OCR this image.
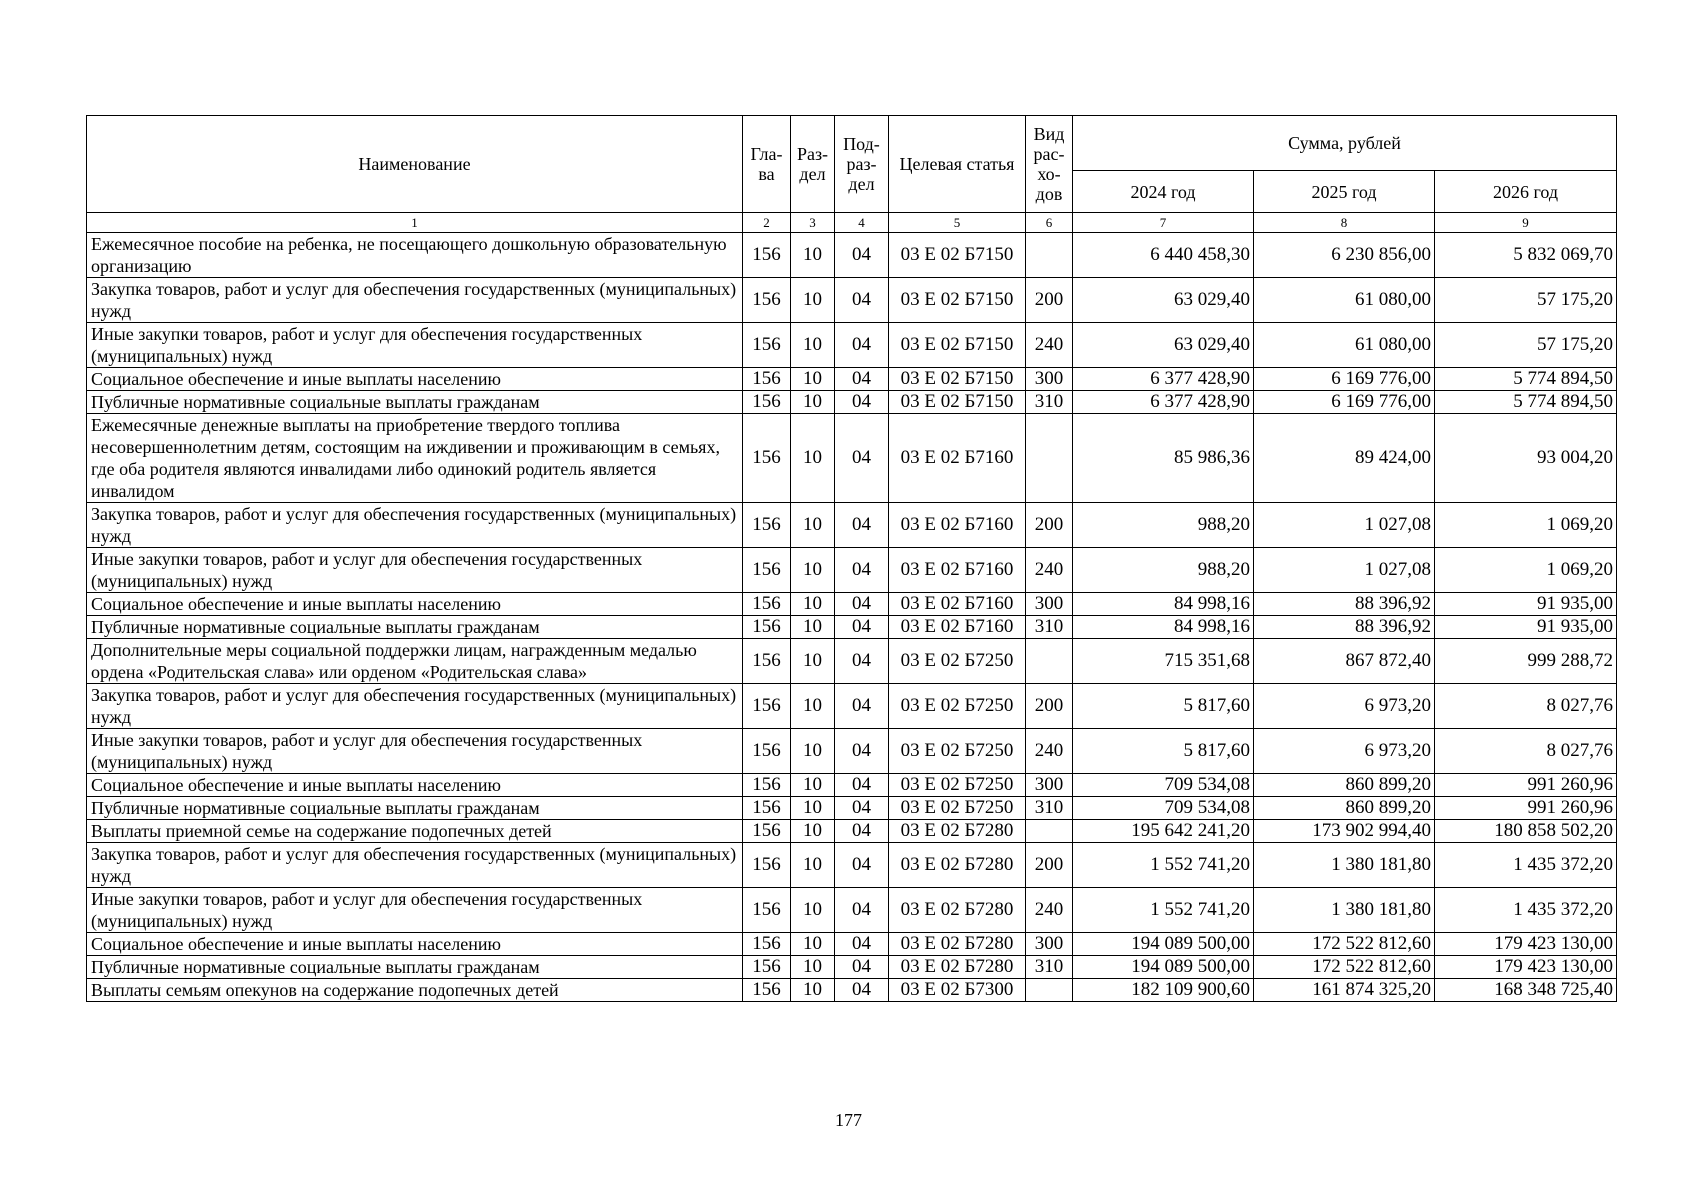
Наименование	Гла-ва	Раз-дел	Под-раз-дел	Целевая статья	Вид рас-хо-дов	Сумма, рублей		
						2024 год	2025 год	2026 год
1	2	3	4	5	6	7	8	9
Ежемесячное пособие на ребенка, не посещающего дошкольную образовательную организацию	156	10	04	03 Е 02 Б7150		6 440 458,30	6 230 856,00	5 832 069,70
Закупка товаров, работ и услуг для обеспечения государственных (муниципальных) нужд	156	10	04	03 Е 02 Б7150	200	63 029,40	61 080,00	57 175,20
Иные закупки товаров, работ и услуг для обеспечения государственных (муниципальных) нужд	156	10	04	03 Е 02 Б7150	240	63 029,40	61 080,00	57 175,20
Социальное обеспечение и иные выплаты населению	156	10	04	03 Е 02 Б7150	300	6 377 428,90	6 169 776,00	5 774 894,50
Публичные нормативные социальные выплаты гражданам	156	10	04	03 Е 02 Б7150	310	6 377 428,90	6 169 776,00	5 774 894,50
Ежемесячные денежные выплаты на приобретение твердого топлива несовершеннолетним детям, состоящим на иждивении и проживающим в семьях, где оба родителя являются инвалидами либо одинокий родитель является инвалидом	156	10	04	03 Е 02 Б7160		85 986,36	89 424,00	93 004,20
Закупка товаров, работ и услуг для обеспечения государственных (муниципальных) нужд	156	10	04	03 Е 02 Б7160	200	988,20	1 027,08	1 069,20
Иные закупки товаров, работ и услуг для обеспечения государственных (муниципальных) нужд	156	10	04	03 Е 02 Б7160	240	988,20	1 027,08	1 069,20
Социальное обеспечение и иные выплаты населению	156	10	04	03 Е 02 Б7160	300	84 998,16	88 396,92	91 935,00
Публичные нормативные социальные выплаты гражданам	156	10	04	03 Е 02 Б7160	310	84 998,16	88 396,92	91 935,00
Дополнительные меры социальной поддержки лицам, награжденным медалью ордена «Родительская слава» или орденом «Родительская слава»	156	10	04	03 Е 02 Б7250		715 351,68	867 872,40	999 288,72
Закупка товаров, работ и услуг для обеспечения государственных (муниципальных) нужд	156	10	04	03 Е 02 Б7250	200	5 817,60	6 973,20	8 027,76
Иные закупки товаров, работ и услуг для обеспечения государственных (муниципальных) нужд	156	10	04	03 Е 02 Б7250	240	5 817,60	6 973,20	8 027,76
Социальное обеспечение и иные выплаты населению	156	10	04	03 Е 02 Б7250	300	709 534,08	860 899,20	991 260,96
Публичные нормативные социальные выплаты гражданам	156	10	04	03 Е 02 Б7250	310	709 534,08	860 899,20	991 260,96
Выплаты приемной семье на содержание подопечных детей	156	10	04	03 Е 02 Б7280		195 642 241,20	173 902 994,40	180 858 502,20
Закупка товаров, работ и услуг для обеспечения государственных (муниципальных) нужд	156	10	04	03 Е 02 Б7280	200	1 552 741,20	1 380 181,80	1 435 372,20
Иные закупки товаров, работ и услуг для обеспечения государственных (муниципальных) нужд	156	10	04	03 Е 02 Б7280	240	1 552 741,20	1 380 181,80	1 435 372,20
Социальное обеспечение и иные выплаты населению	156	10	04	03 Е 02 Б7280	300	194 089 500,00	172 522 812,60	179 423 130,00
Публичные нормативные социальные выплаты гражданам	156	10	04	03 Е 02 Б7280	310	194 089 500,00	172 522 812,60	179 423 130,00
Выплаты семьям опекунов на содержание подопечных детей	156	10	04	03 Е 02 Б7300		182 109 900,60	161 874 325,20	168 348 725,40
177
